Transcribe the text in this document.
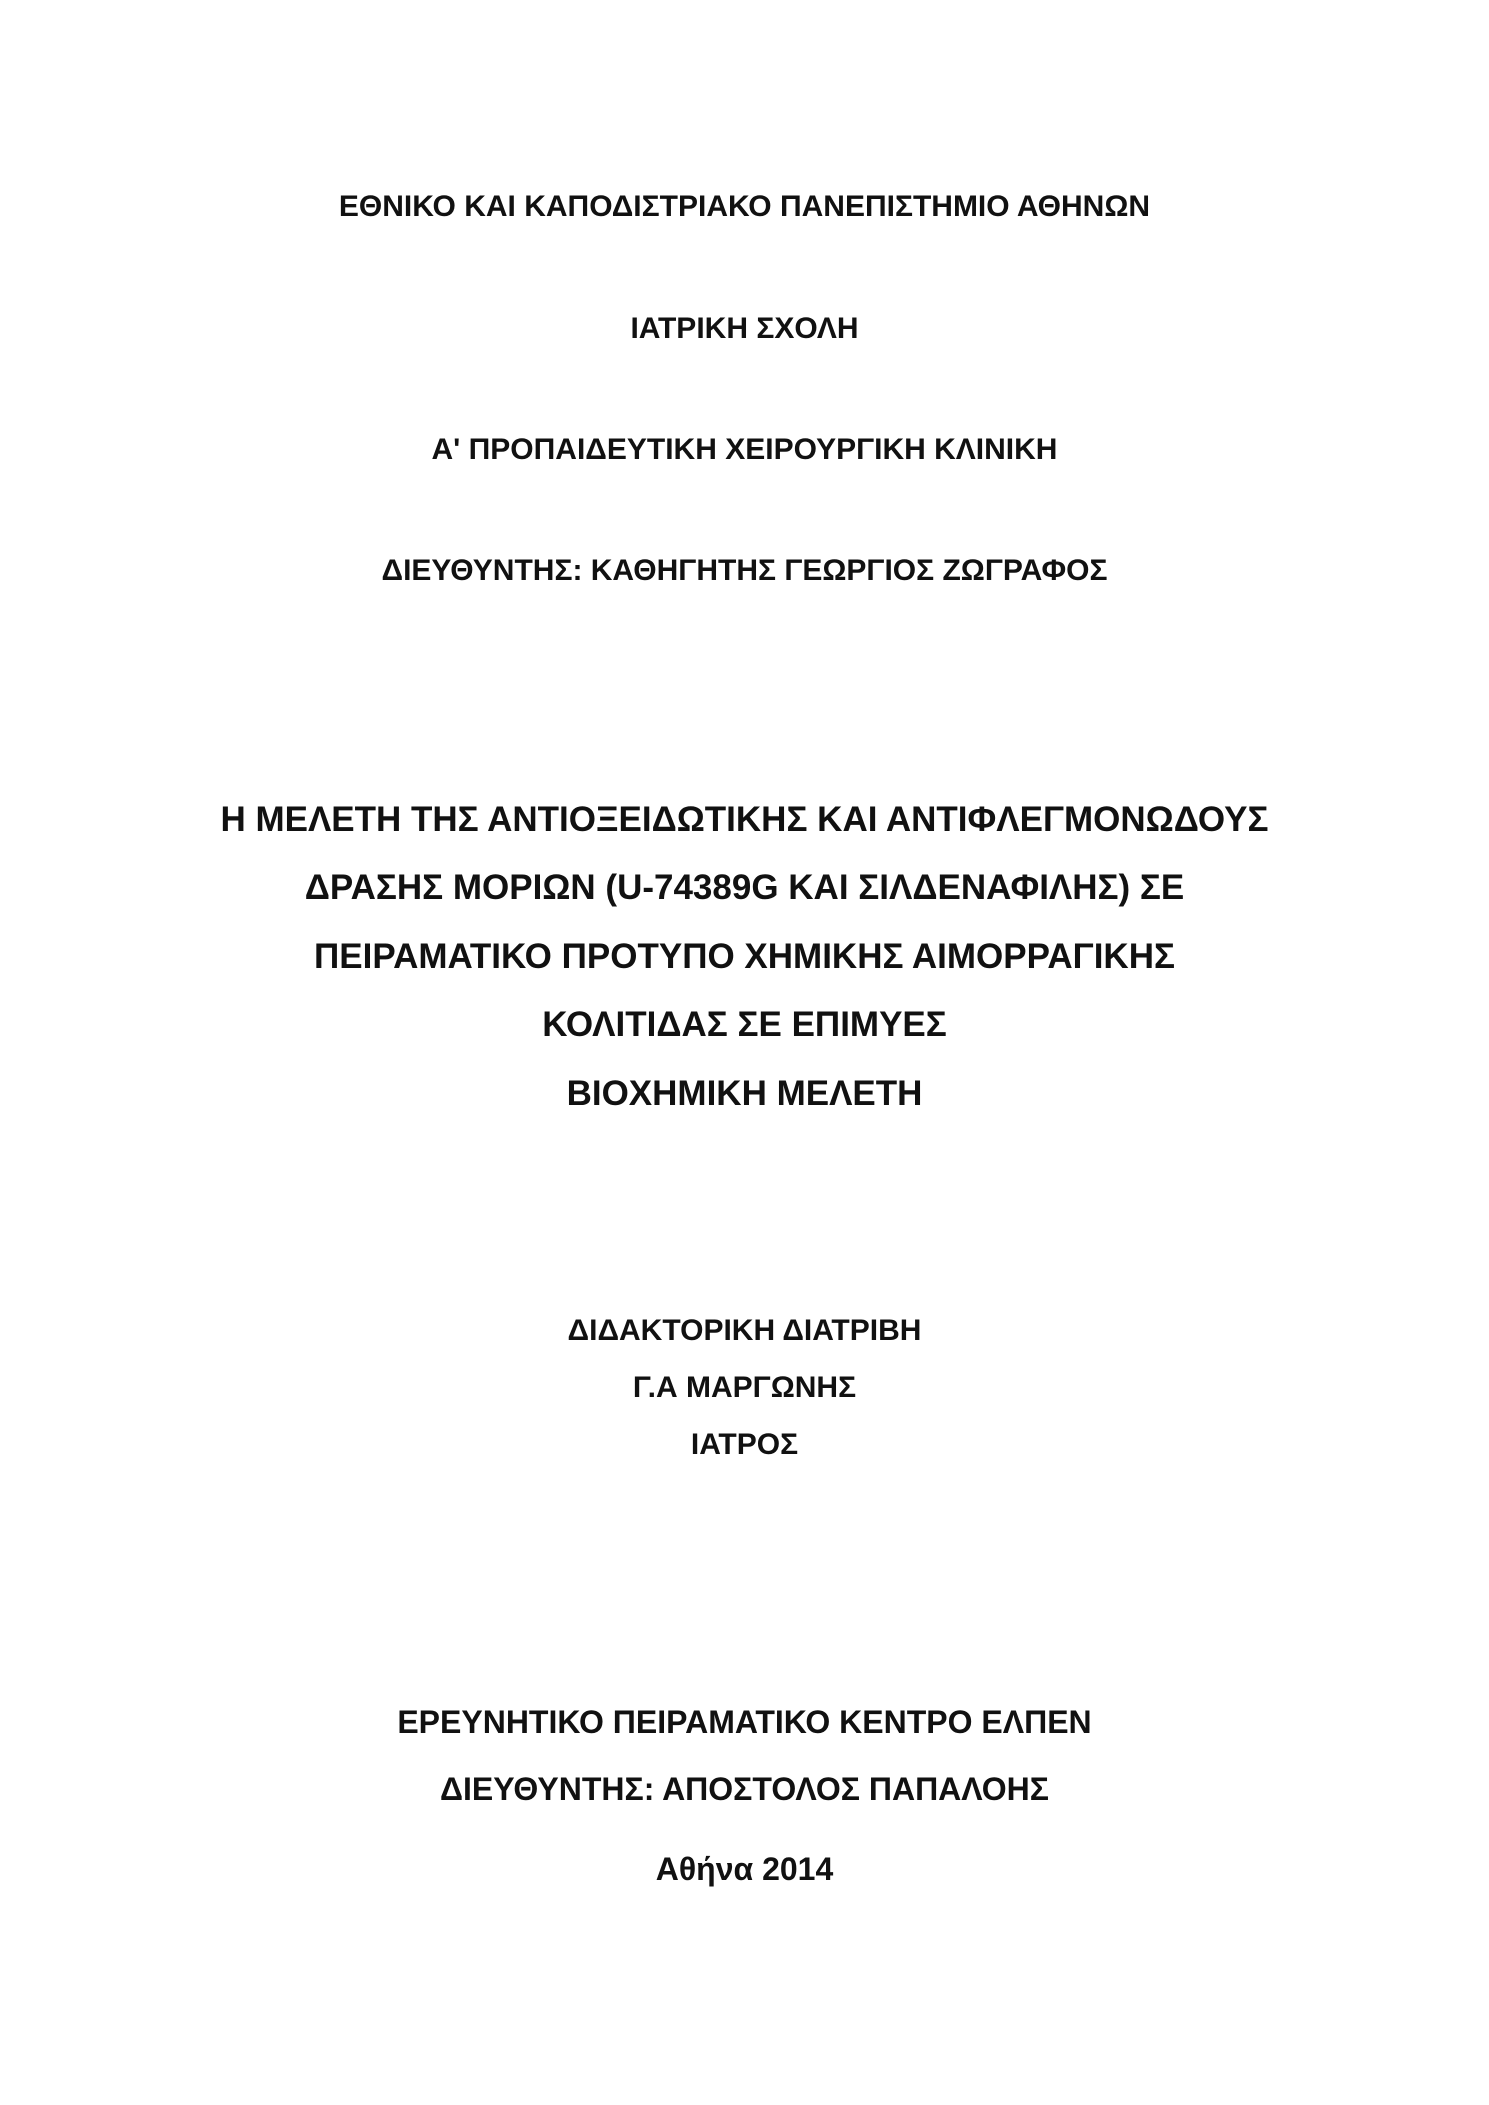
ΕΘΝΙΚΟ ΚΑΙ ΚΑΠΟΔΙΣΤΡΙΑΚΟ ΠΑΝΕΠΙΣΤΗΜΙΟ ΑΘΗΝΩΝ
ΙΑΤΡΙΚΗ ΣΧΟΛΗ
Α' ΠΡΟΠΑΙΔΕΥΤΙΚΗ ΧΕΙΡΟΥΡΓΙΚΗ ΚΛΙΝΙΚΗ
ΔΙΕΥΘΥΝΤΗΣ: ΚΑΘΗΓΗΤΗΣ ΓΕΩΡΓΙΟΣ ΖΩΓΡΑΦΟΣ
Η ΜΕΛΕΤΗ ΤΗΣ ΑΝΤΙΟΞΕΙΔΩΤΙΚΗΣ ΚΑΙ ΑΝΤΙΦΛΕΓΜΟΝΩΔΟΥΣ
ΔΡΑΣΗΣ ΜΟΡΙΩΝ (U-74389G ΚΑΙ ΣΙΛΔΕΝΑΦΙΛΗΣ) ΣΕ
ΠΕΙΡΑΜΑΤΙΚΟ ΠΡΟΤΥΠΟ ΧΗΜΙΚΗΣ ΑΙΜΟΡΡΑΓΙΚΗΣ
ΚΟΛΙΤΙΔΑΣ ΣΕ ΕΠΙΜΥΕΣ
ΒΙΟΧΗΜΙΚΗ ΜΕΛΕΤΗ
ΔΙΔΑΚΤΟΡΙΚΗ ΔΙΑΤΡΙΒΗ
Γ.Α ΜΑΡΓΩΝΗΣ
ΙΑΤΡΟΣ
ΕΡΕΥΝΗΤΙΚΟ ΠΕΙΡΑΜΑΤΙΚΟ ΚΕΝΤΡΟ ΕΛΠΕΝ
ΔΙΕΥΘΥΝΤΗΣ: ΑΠΟΣΤΟΛΟΣ ΠΑΠΑΛΟΗΣ
Αθήνα 2014
